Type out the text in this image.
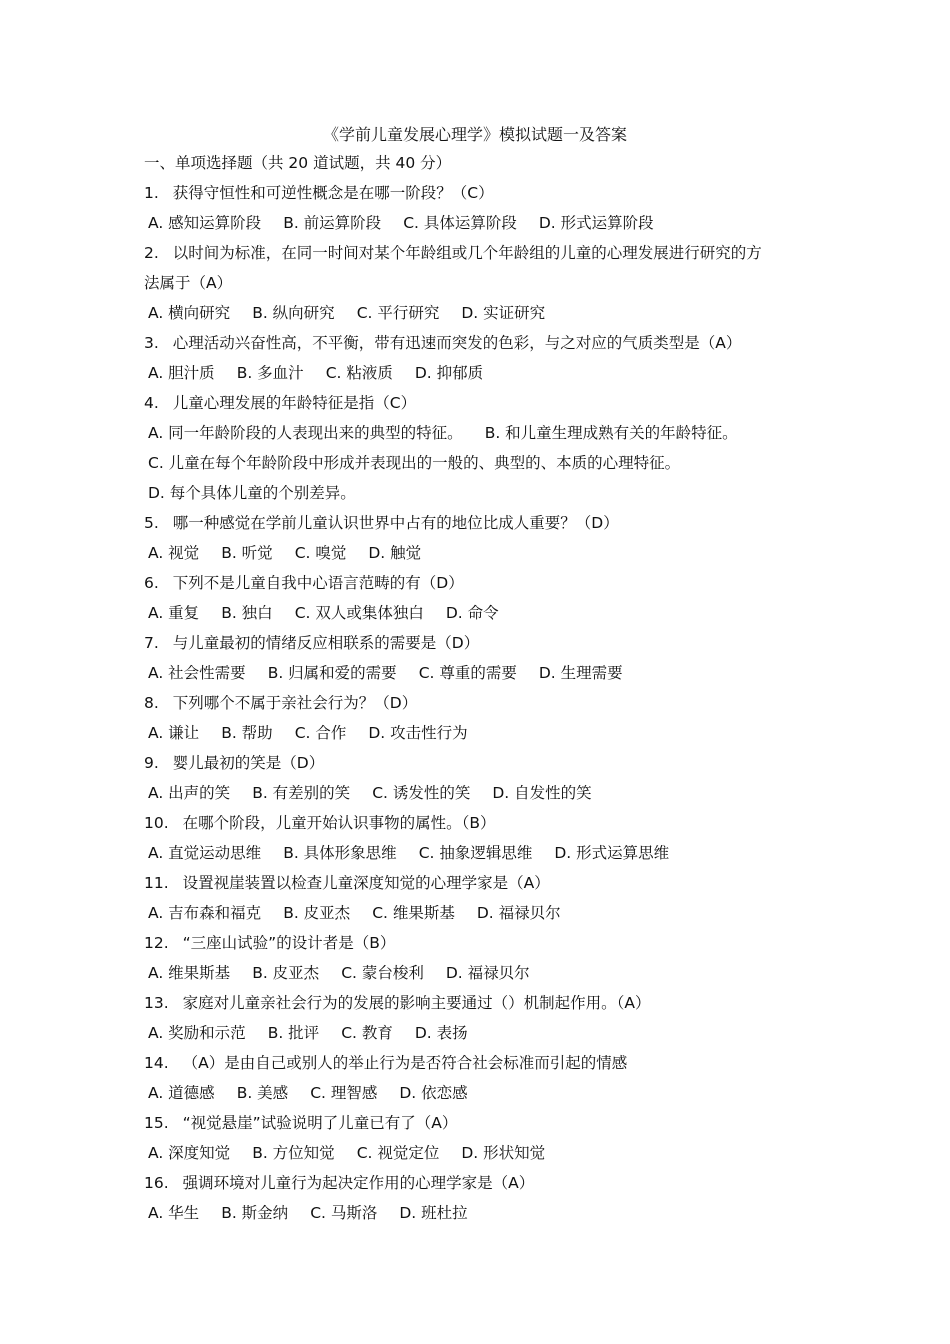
《学前儿童发展心理学》模拟试题一及答案
一、单项选择题（共 20 道试题，共 40 分）
1. 获得守恒性和可逆性概念是在哪一阶段？（C）
A. 感知运算阶段 B. 前运算阶段 C. 具体运算阶段 D. 形式运算阶段
2. 以时间为标准，在同一时间对某个年龄组或几个年龄组的儿童的心理发展进行研究的方
法属于（A）
A. 横向研究 B. 纵向研究 C. 平行研究 D. 实证研究
3. 心理活动兴奋性高，不平衡，带有迅速而突发的色彩，与之对应的气质类型是（A）
A. 胆汁质 B. 多血汁 C. 粘液质 D. 抑郁质
4. 儿童心理发展的年龄特征是指（C）
A. 同一年龄阶段的人表现出来的典型的特征。 B. 和儿童生理成熟有关的年龄特征。
C. 儿童在每个年龄阶段中形成并表现出的一般的、典型的、本质的心理特征。
D. 每个具体儿童的个别差异。
5. 哪一种感觉在学前儿童认识世界中占有的地位比成人重要？（D）
A. 视觉 B. 听觉 C. 嗅觉 D. 触觉
6. 下列不是儿童自我中心语言范畴的有（D）
A. 重复 B. 独白 C. 双人或集体独白 D. 命令
7. 与儿童最初的情绪反应相联系的需要是（D）
A. 社会性需要 B. 归属和爱的需要 C. 尊重的需要 D. 生理需要
8. 下列哪个不属于亲社会行为？（D）
A. 谦让 B. 帮助 C. 合作 D. 攻击性行为
9. 婴儿最初的笑是（D）
A. 出声的笑 B. 有差别的笑 C. 诱发性的笑 D. 自发性的笑
10. 在哪个阶段，儿童开始认识事物的属性。（B）
A. 直觉运动思维 B. 具体形象思维 C. 抽象逻辑思维 D. 形式运算思维
11. 设置视崖装置以检查儿童深度知觉的心理学家是（A）
A. 吉布森和福克 B. 皮亚杰 C. 维果斯基 D. 福禄贝尔
12. “三座山试验”的设计者是（B）
A. 维果斯基 B. 皮亚杰 C. 蒙台梭利 D. 福禄贝尔
13. 家庭对儿童亲社会行为的发展的影响主要通过（）机制起作用。（A）
A. 奖励和示范 B. 批评 C. 教育 D. 表扬
14. （A）是由自己或别人的举止行为是否符合社会标准而引起的情感
A. 道德感 B. 美感 C. 理智感 D. 依恋感
15. “视觉悬崖”试验说明了儿童已有了（A）
A. 深度知觉 B. 方位知觉 C. 视觉定位 D. 形状知觉
16. 强调环境对儿童行为起决定作用的心理学家是（A）
A. 华生 B. 斯金纳 C. 马斯洛 D. 班杜拉
